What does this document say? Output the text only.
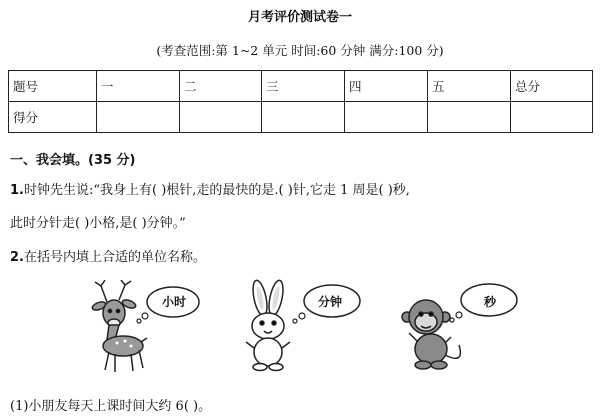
月考评价测试卷一
(考查范围:第 1~2 单元 时间:60 分钟 满分:100 分)
题号	一	二	三	四	五	总分
得分						
一、我会填。(35 分)
1.时钟先生说:“我身上有( )根针,走的最快的是.( )针,它走 1 周是( )秒,
此时分针走( )小格,是( )分钟。”
2.在括号内填上合适的单位名称。
小时	分钟	秒
(1)小朋友每天上课时间大约 6( )。
